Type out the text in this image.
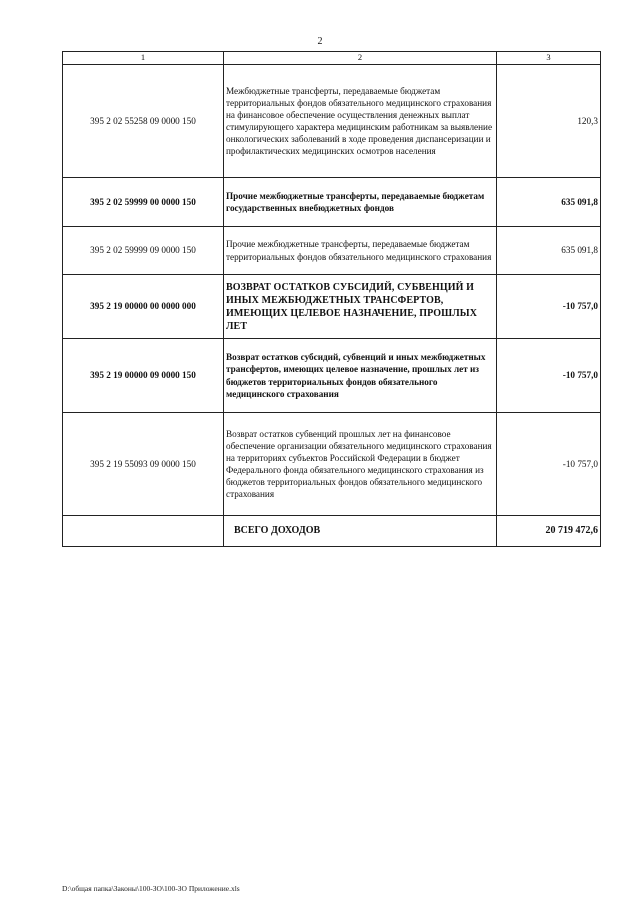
2
1	2	3
395 2 02 55258 09 0000 150	Межбюджетные трансферты, передаваемые бюджетам территориальных фондов обязательного медицинского страхования на финансовое обеспечение осуществления денежных выплат стимулирующего характера медицинским работникам за выявление онкологических заболеваний в ходе проведения диспансеризации и профилактических медицинских осмотров населения	120,3
395 2 02 59999 00 0000 150	Прочие межбюджетные трансферты, передаваемые бюджетам государственных внебюджетных фондов	635 091,8
395 2 02 59999 09 0000 150	Прочие межбюджетные трансферты, передаваемые бюджетам территориальных фондов обязательного медицинского страхования	635 091,8
395 2 19 00000 00 0000 000	ВОЗВРАТ ОСТАТКОВ СУБСИДИЙ, СУБВЕНЦИЙ И ИНЫХ МЕЖБЮДЖЕТНЫХ ТРАНСФЕРТОВ, ИМЕЮЩИХ ЦЕЛЕВОЕ НАЗНАЧЕНИЕ, ПРОШЛЫХ ЛЕТ	-10 757,0
395 2 19 00000 09 0000 150	Возврат остатков субсидий, субвенций и иных межбюджетных трансфертов, имеющих целевое назначение, прошлых лет из бюджетов территориальных фондов обязательного медицинского страхования	-10 757,0
395 2 19 55093 09 0000 150	Возврат остатков субвенций прошлых лет на финансовое обеспечение организации обязательного медицинского страхования на территориях субъектов Российской Федерации в бюджет Федерального фонда обязательного медицинского страхования из бюджетов территориальных фондов обязательного медицинского страхования	-10 757,0
	ВСЕГО ДОХОДОВ	20 719 472,6
D:\общая папка\Законы\100-ЗО\100-ЗО Приложение.xls
